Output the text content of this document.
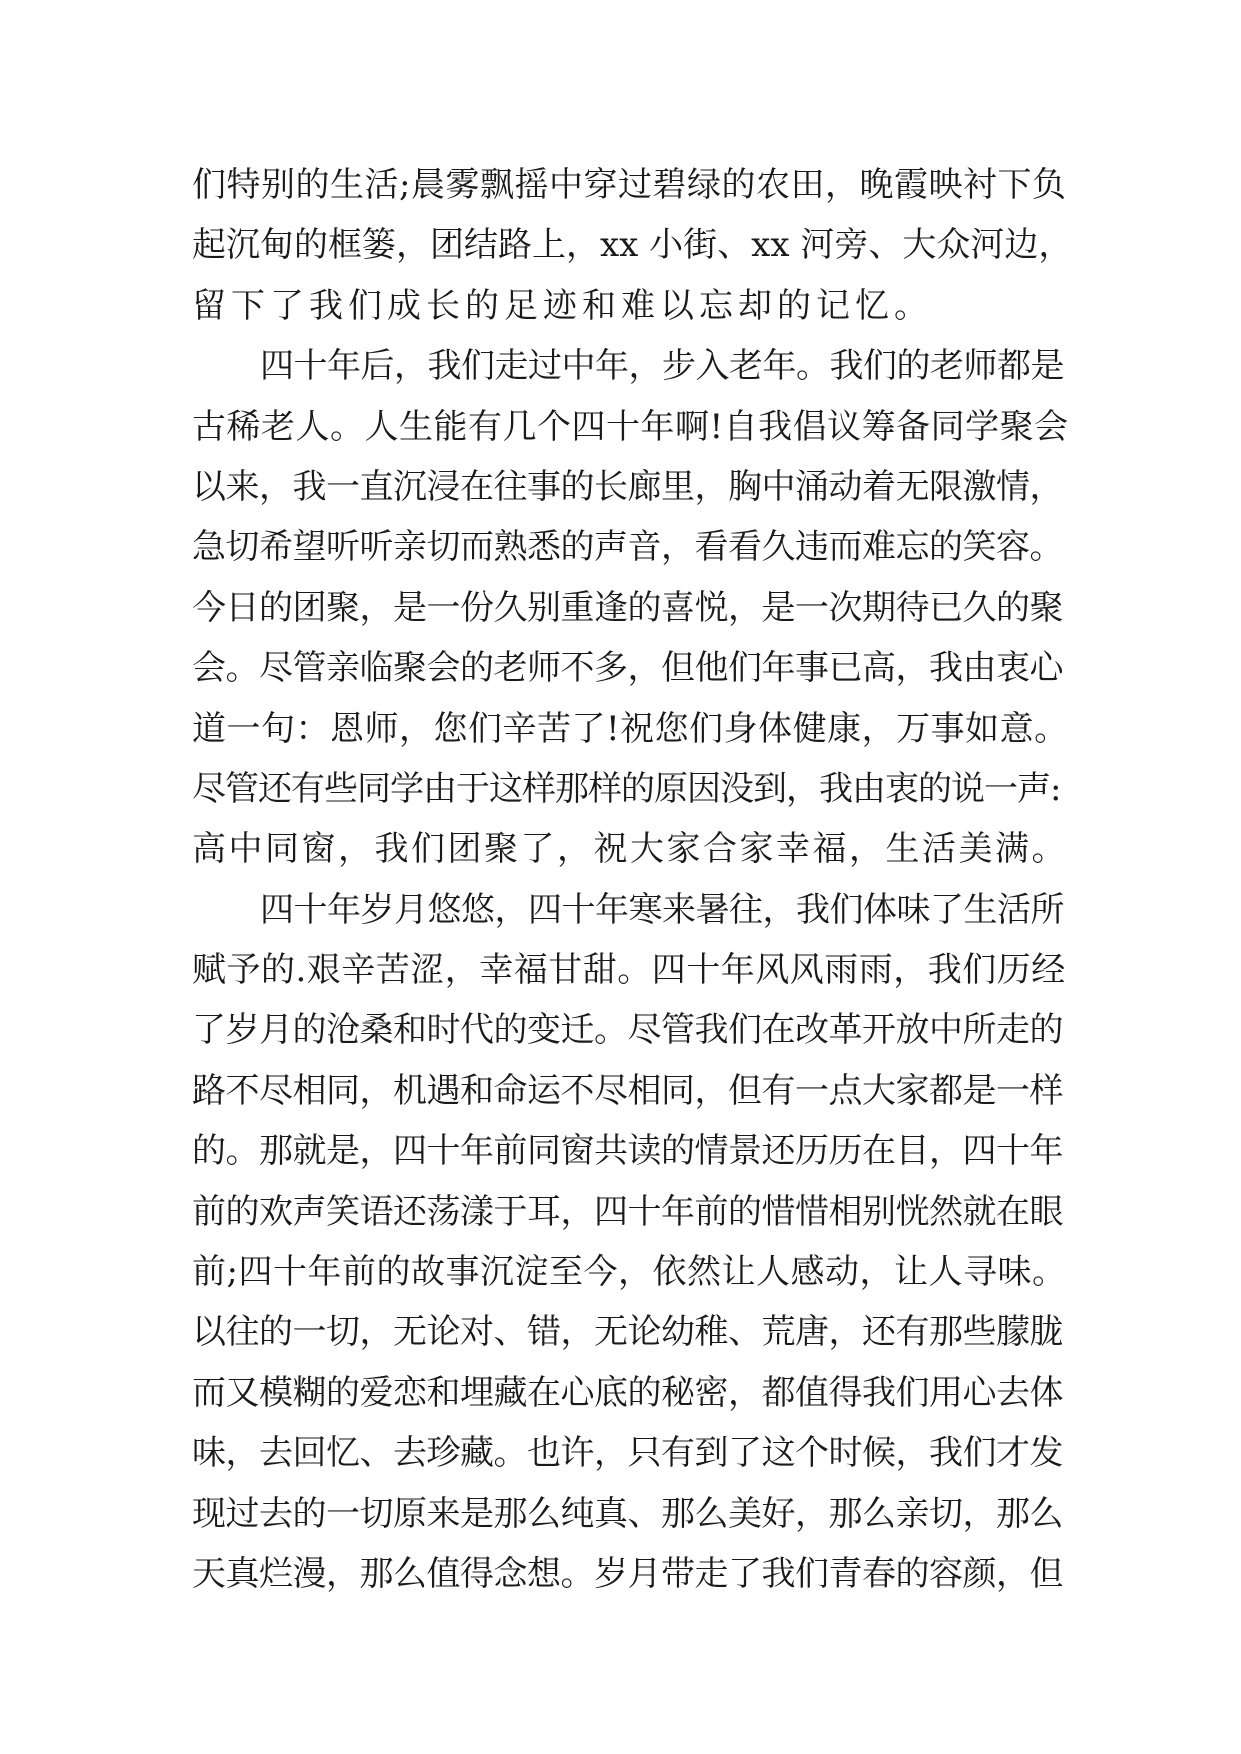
们特别的生活;晨雾飘摇中穿过碧绿的农田，晚霞映衬下负
起沉甸的框篓，团结路上，xx 小街、xx 河旁、大众河边，
留下了我们成长的足迹和难以忘却的记忆。
四十年后，我们走过中年，步入老年。我们的老师都是
古稀老人。人生能有几个四十年啊!自我倡议筹备同学聚会
以来，我一直沉浸在往事的长廊里，胸中涌动着无限激情，
急切希望听听亲切而熟悉的声音，看看久违而难忘的笑容。
今日的团聚，是一份久别重逢的喜悦，是一次期待已久的聚
会。尽管亲临聚会的老师不多，但他们年事已高，我由衷心
道一句：恩师，您们辛苦了!祝您们身体健康，万事如意。
尽管还有些同学由于这样那样的原因没到，我由衷的说一声:
高中同窗，我们团聚了，祝大家合家幸福，生活美满。
四十年岁月悠悠，四十年寒来暑往，我们体味了生活所
赋予的.艰辛苦涩，幸福甘甜。四十年风风雨雨，我们历经
了岁月的沧桑和时代的变迁。尽管我们在改革开放中所走的
路不尽相同，机遇和命运不尽相同，但有一点大家都是一样
的。那就是，四十年前同窗共读的情景还历历在目，四十年
前的欢声笑语还荡漾于耳，四十年前的惜惜相别恍然就在眼
前;四十年前的故事沉淀至今，依然让人感动，让人寻味。
以往的一切，无论对、错，无论幼稚、荒唐，还有那些朦胧
而又模糊的爱恋和埋藏在心底的秘密，都值得我们用心去体
味，去回忆、去珍藏。也许，只有到了这个时候，我们才发
现过去的一切原来是那么纯真、那么美好，那么亲切，那么
天真烂漫，那么值得念想。岁月带走了我们青春的容颜，但
